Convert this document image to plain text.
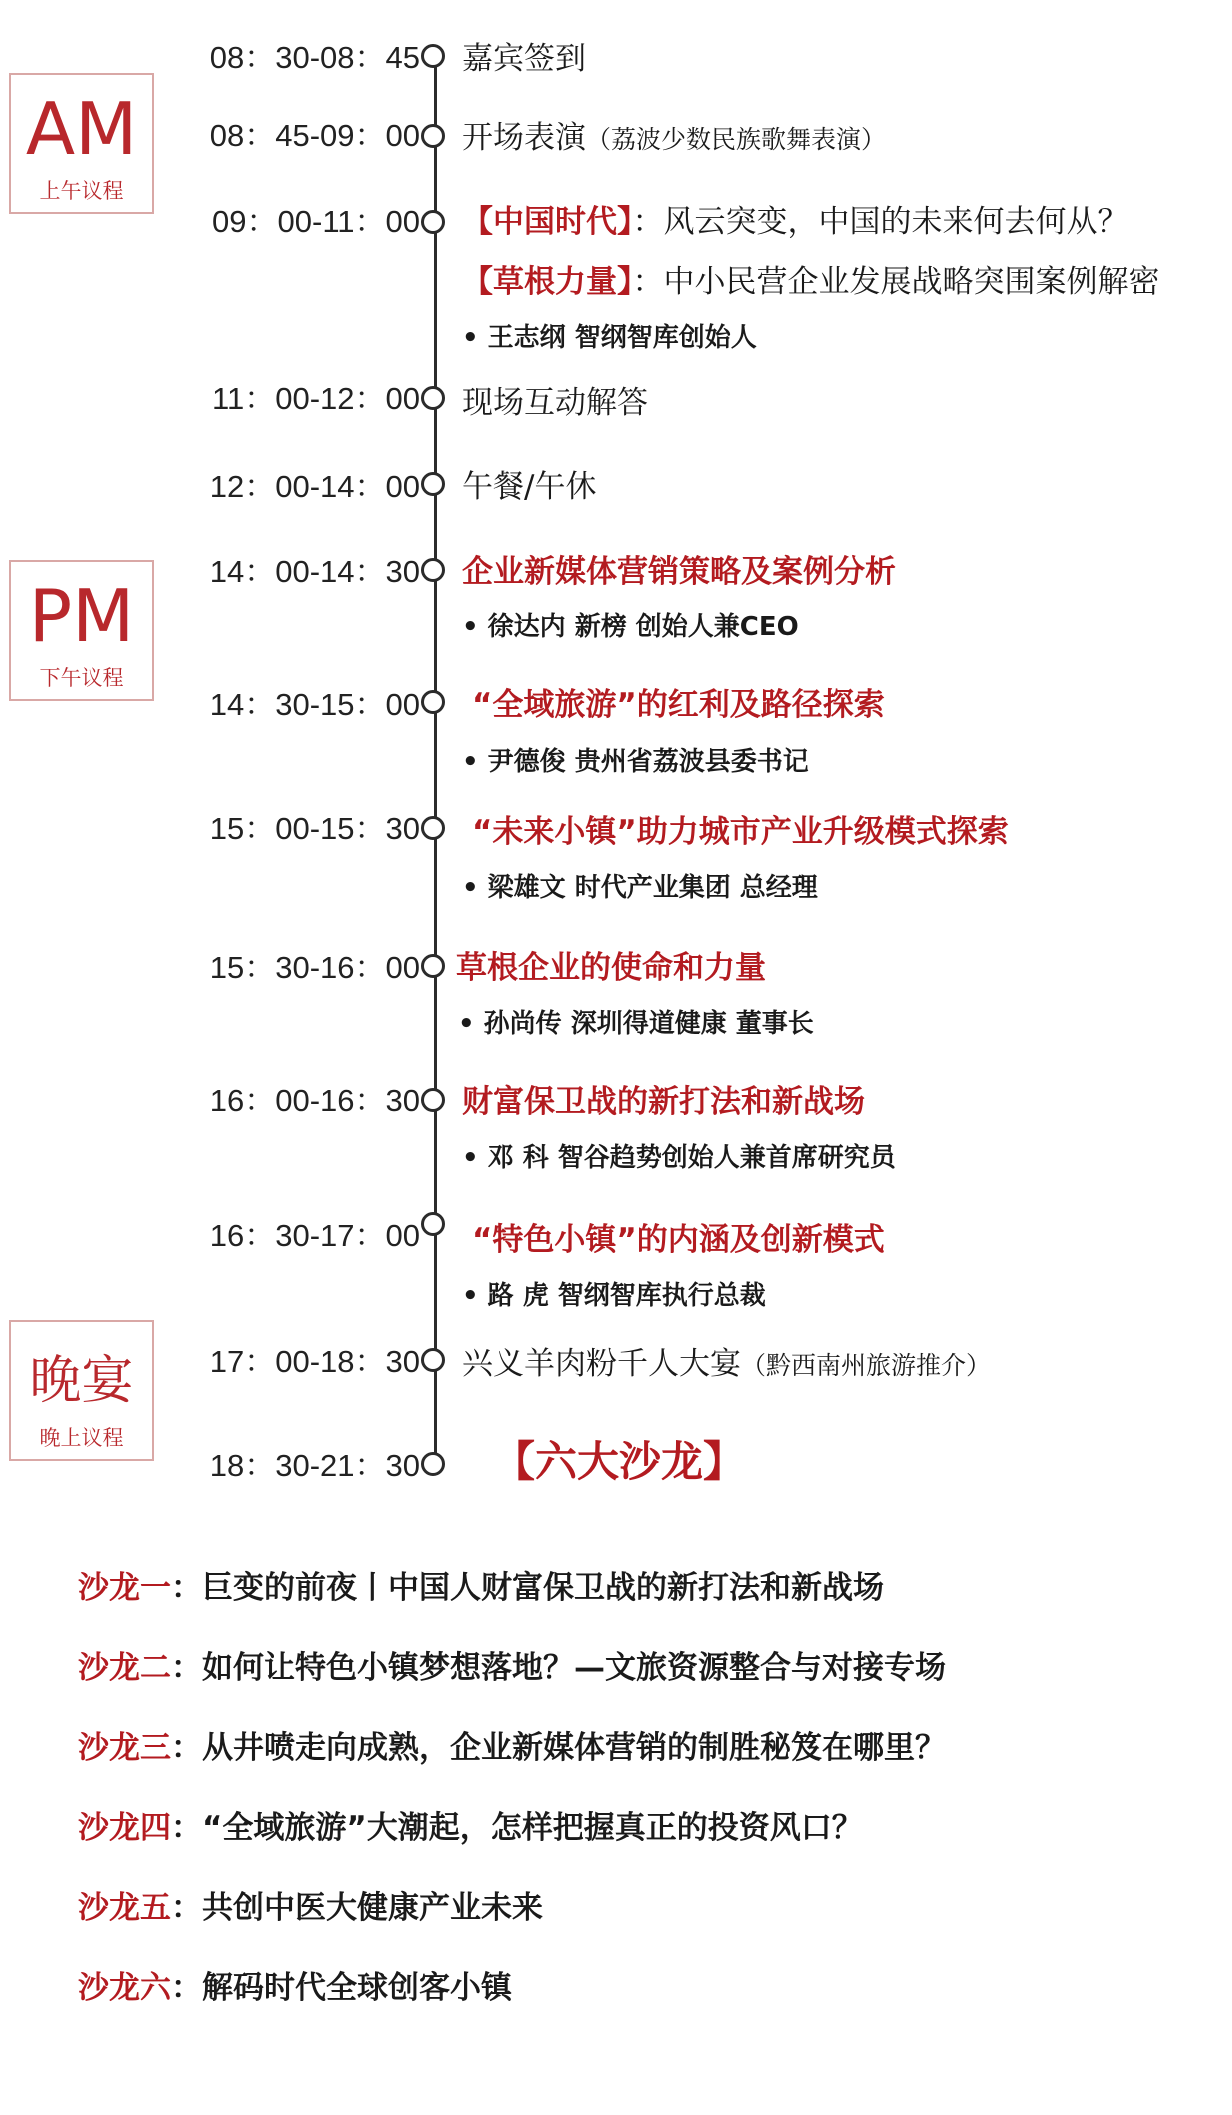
AM
上午议程
PM
下午议程
晚宴
晚上议程
08：30-08：45 嘉宾签到
08：45-09：00 开场表演（荔波少数民族歌舞表演）
09：00-11：00 【中国时代】：风云突变，中国的未来何去何从？
【草根力量】：中小民营企业发展战略突围案例解密
• 王志纲 智纲智库创始人
11：00-12：00 现场互动解答
12：00-14：00 午餐/午休
14：00-14：30 企业新媒体营销策略及案例分析
• 徐达内 新榜 创始人兼CEO
14：30-15：00 “全域旅游”的红利及路径探索
• 尹德俊 贵州省荔波县委书记
15：00-15：30 “未来小镇”助力城市产业升级模式探索
• 梁雄文 时代产业集团 总经理
15：30-16：00 草根企业的使命和力量
• 孙尚传 深圳得道健康 董事长
16：00-16：30 财富保卫战的新打法和新战场
• 邓 科 智谷趋势创始人兼首席研究员
16：30-17：00 “特色小镇”的内涵及创新模式
• 路 虎 智纲智库执行总裁
17：00-18：30 兴义羊肉粉千人大宴（黔西南州旅游推介）
18：30-21：30 【六大沙龙】
沙龙一：巨变的前夜丨中国人财富保卫战的新打法和新战场
沙龙二：如何让特色小镇梦想落地？—文旅资源整合与对接专场
沙龙三：从井喷走向成熟，企业新媒体营销的制胜秘笈在哪里？
沙龙四：“全域旅游”大潮起，怎样把握真正的投资风口？
沙龙五：共创中医大健康产业未来
沙龙六：解码时代全球创客小镇
